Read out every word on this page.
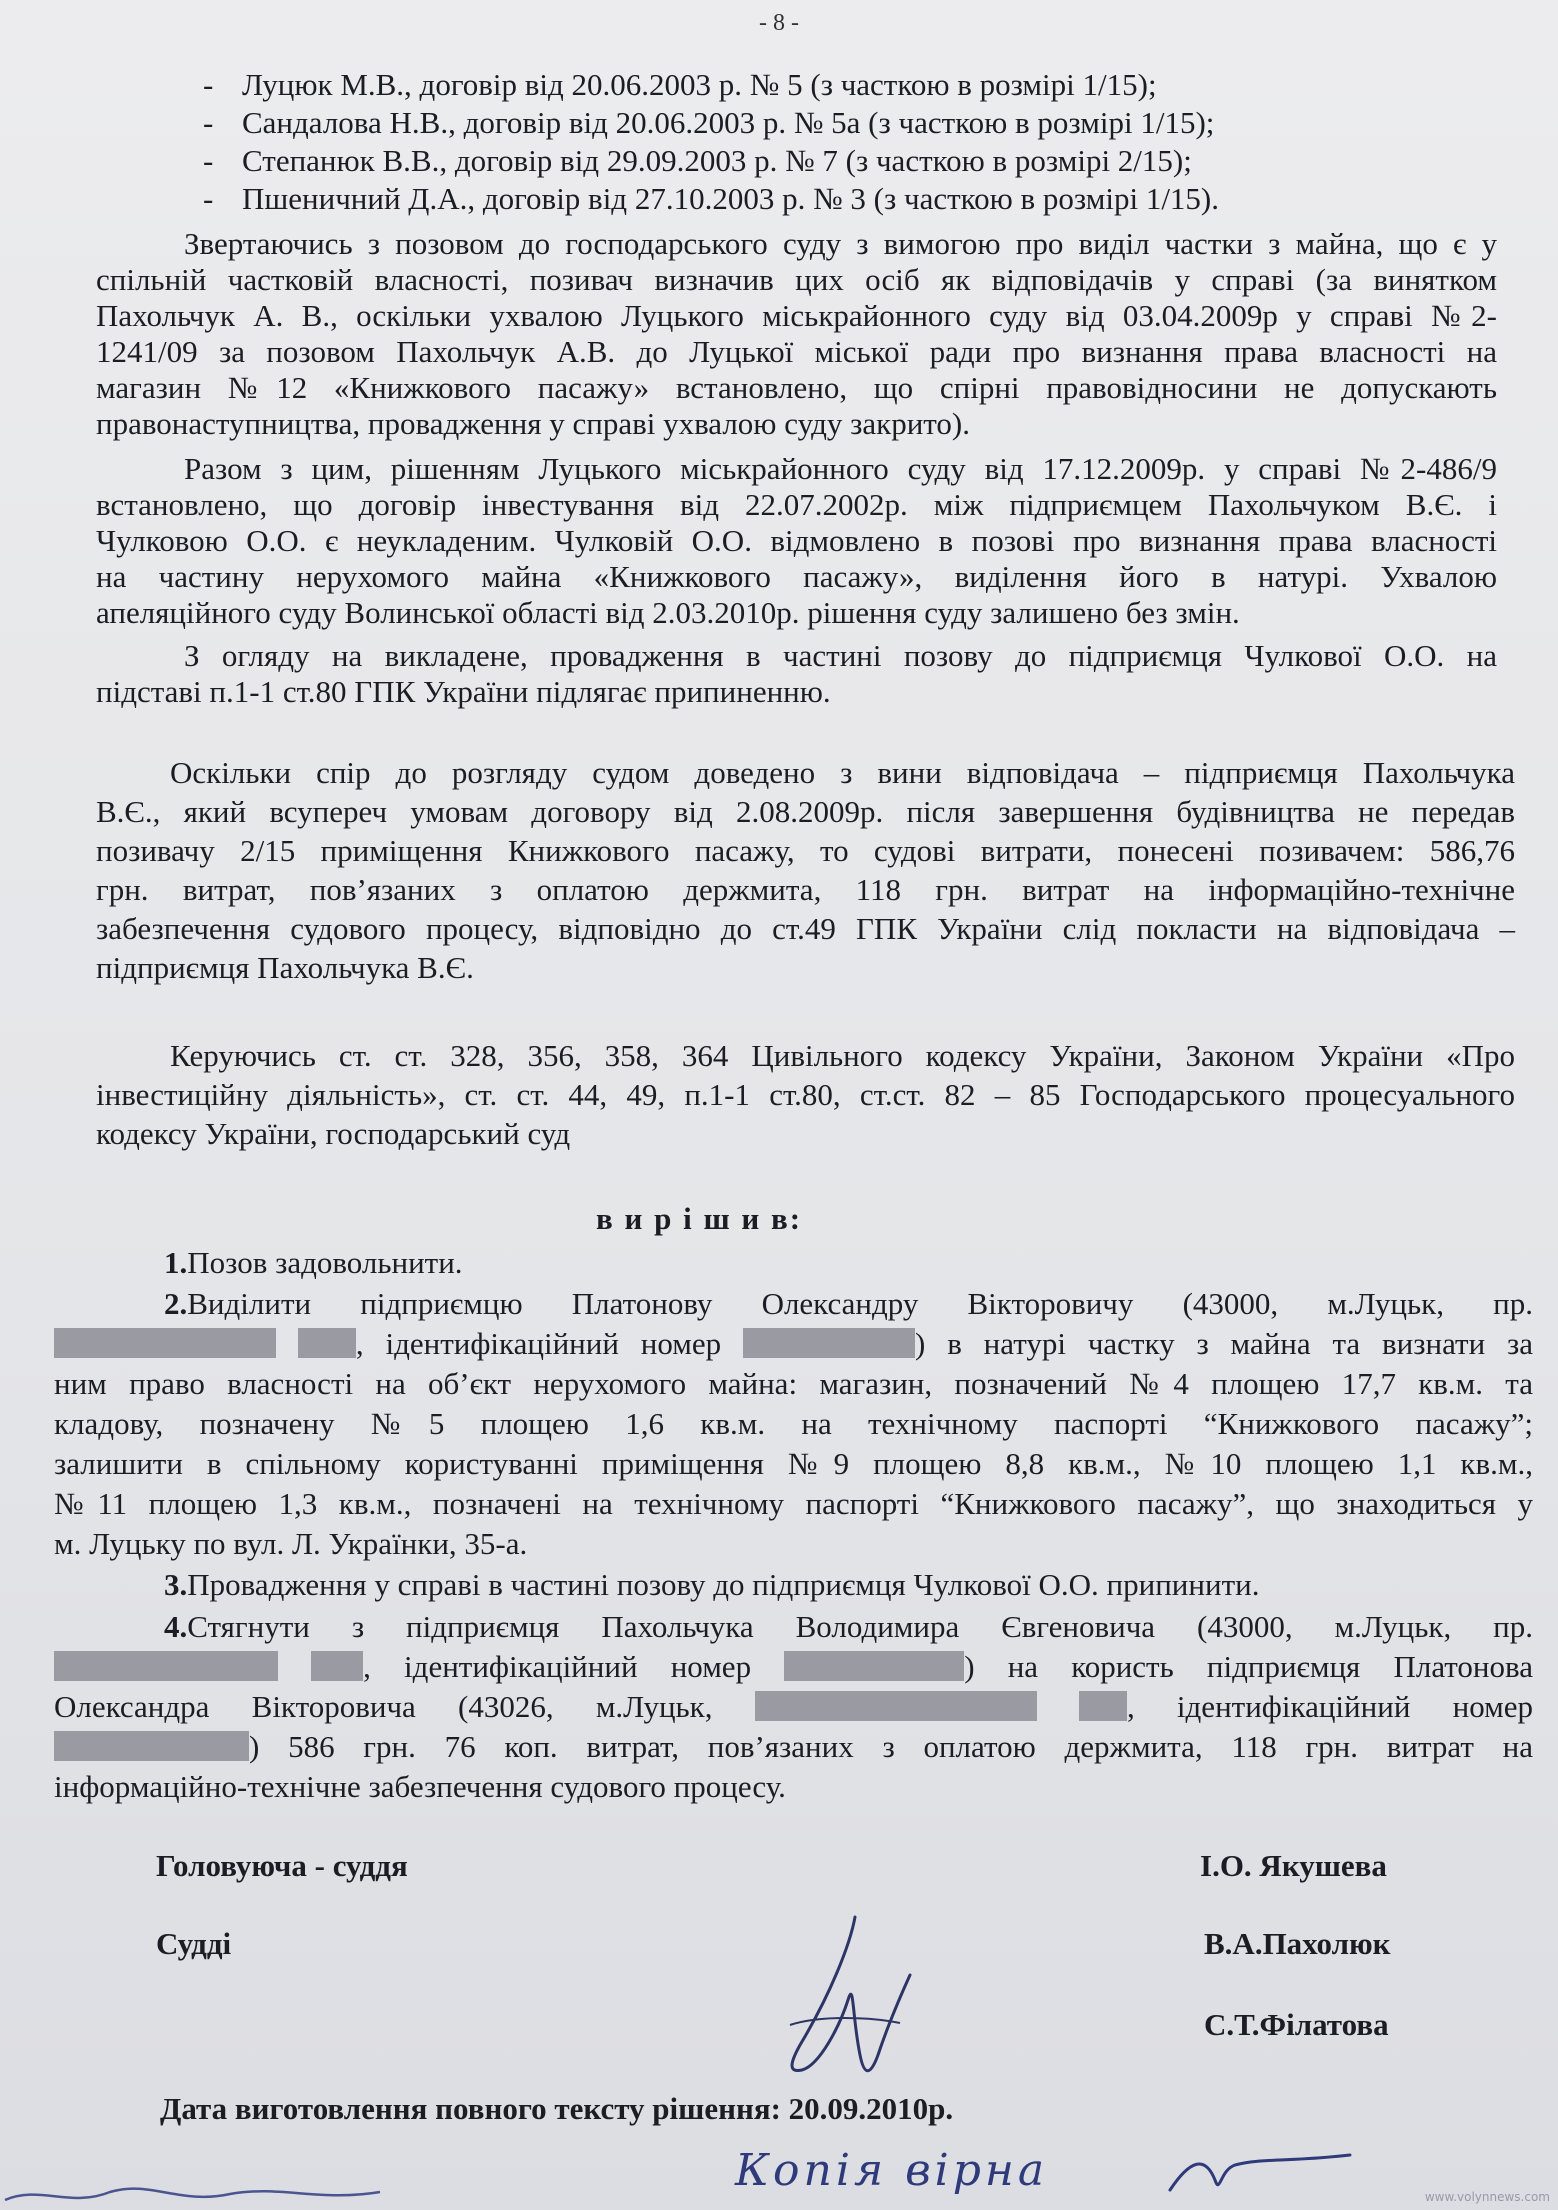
- 8 -
- Луцюк М.В., договір від 20.06.2003 р. № 5 (з часткою в розмірі 1/15);
- Сандалова Н.В., договір від 20.06.2003 р. № 5а (з часткою в розмірі 1/15);
- Степанюк В.В., договір від 29.09.2003 р. № 7 (з часткою в розмірі 2/15);
- Пшеничний Д.А., договір від 27.10.2003 р. № 3 (з часткою в розмірі 1/15).
Звертаючись з позовом до господарського суду з вимогою про виділ частки з майна, що є у
спільній частковій власності, позивач визначив цих осіб як відповідачів у справі (за винятком
Пахольчук А. В., оскільки ухвалою Луцького міськрайонного суду від 03.04.2009р у справі №2-
1241/09 за позовом Пахольчук А.В. до Луцької міської ради про визнання права власності на
магазин №12 «Книжкового пасажу» встановлено, що спірні правовідносини не допускають
правонаступництва, провадження у справі ухвалою суду закрито).
Разом з цим, рішенням Луцького міськрайонного суду від 17.12.2009р. у справі №2-486/9
встановлено, що договір інвестування від 22.07.2002р. між підприємцем Пахольчуком В.Є. і
Чулковою О.О. є неукладеним. Чулковій О.О. відмовлено в позові про визнання права власності
на частину нерухомого майна «Книжкового пасажу», виділення його в натурі. Ухвалою
апеляційного суду Волинської області від 2.03.2010р. рішення суду залишено без змін.
З огляду на викладене, провадження в частині позову до підприємця Чулкової О.О. на
підставі п.1-1 ст.80 ГПК України підлягає припиненню.
Оскільки спір до розгляду судом доведено з вини відповідача – підприємця Пахольчука
В.Є., який всупереч умовам договору від 2.08.2009р. після завершення будівництва не передав
позивачу 2/15 приміщення Книжкового пасажу, то судові витрати, понесені позивачем: 586,76
грн. витрат, пов’язаних з оплатою держмита, 118 грн. витрат на інформаційно-технічне
забезпечення судового процесу, відповідно до ст.49 ГПК України слід покласти на відповідача –
підприємця Пахольчука В.Є.
Керуючись ст. ст. 328, 356, 358, 364 Цивільного кодексу України, Законом України «Про
інвестиційну діяльність», ст. ст. 44, 49, п.1-1 ст.80, ст.ст. 82 – 85 Господарського процесуального
кодексу України, господарський суд
в и р і ш и в:
1.Позов задовольнити.
2.Виділити підприємцю Платонову Олександру Вікторовичу (43000, м.Луцьк, пр.
, ідентифікаційний номер	) в натурі частку з майна та визнати за
ним право власності на об’єкт нерухомого майна: магазин, позначений №4 площею 17,7 кв.м. та
кладову, позначену №5 площею 1,6 кв.м. на технічному паспорті “Книжкового пасажу”;
залишити в спільному користуванні приміщення №9 площею 8,8 кв.м., №10 площею 1,1 кв.м.,
№11 площею 1,3 кв.м., позначені на технічному паспорті “Книжкового пасажу”, що знаходиться у
м. Луцьку по вул. Л. Українки, 35-а.
3.Провадження у справі в частині позову до підприємця Чулкової О.О. припинити.
4.Стягнути з підприємця Пахольчука Володимира Євгеновича (43000, м.Луцьк, пр.
, ідентифікаційний номер	) на користь підприємця Платонова
Олександра Вікторовича (43026, м.Луцьк,	, ідентифікаційний номер
) 586 грн. 76 коп. витрат, пов’язаних з оплатою держмита, 118 грн. витрат на
інформаційно-технічне забезпечення судового процесу.
Головуюча - суддя	І.О. Якушева
Судді	В.А.Пахолюк
С.Т.Філатова
Дата виготовлення повного тексту рішення: 20.09.2010р.
Копія вірна
www.volynnews.com
